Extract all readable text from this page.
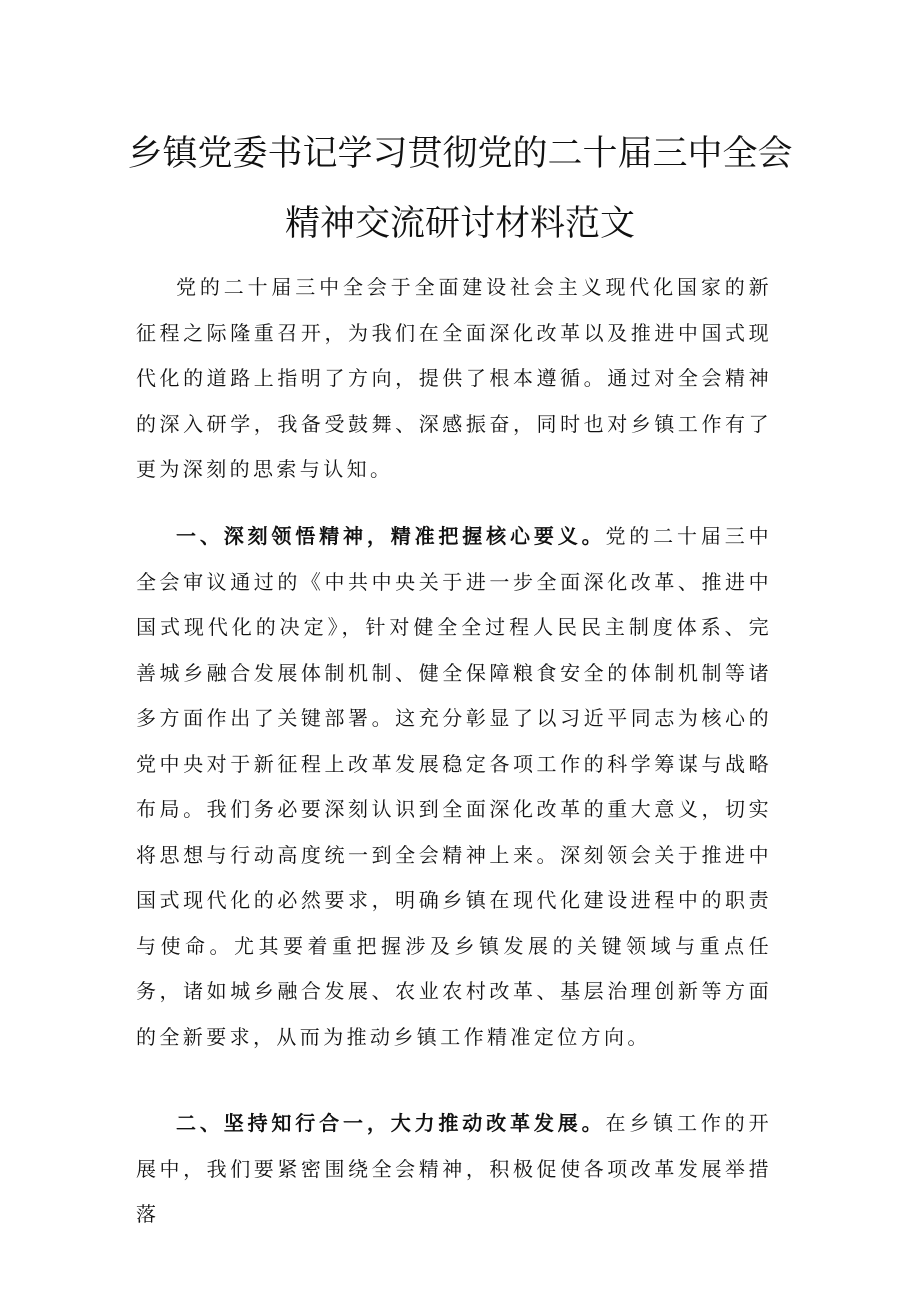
乡镇党委书记学习贯彻党的二十届三中全会
精神交流研讨材料范文

党的二十届三中全会于全面建设社会主义现代化国家的新征程之际隆重召开，为我们在全面深化改革以及推进中国式现代化的道路上指明了方向，提供了根本遵循。通过对全会精神的深入研学，我备受鼓舞、深感振奋，同时也对乡镇工作有了更为深刻的思索与认知。

一、深刻领悟精神，精准把握核心要义。党的二十届三中全会审议通过的《中共中央关于进一步全面深化改革、推进中国式现代化的决定》，针对健全全过程人民民主制度体系、完善城乡融合发展体制机制、健全保障粮食安全的体制机制等诸多方面作出了关键部署。这充分彰显了以习近平同志为核心的党中央对于新征程上改革发展稳定各项工作的科学筹谋与战略布局。我们务必要深刻认识到全面深化改革的重大意义，切实将思想与行动高度统一到全会精神上来。深刻领会关于推进中国式现代化的必然要求，明确乡镇在现代化建设进程中的职责与使命。尤其要着重把握涉及乡镇发展的关键领域与重点任务，诸如城乡融合发展、农业农村改革、基层治理创新等方面的全新要求，从而为推动乡镇工作精准定位方向。

二、坚持知行合一，大力推动改革发展。在乡镇工作的开展中，我们要紧密围绕全会精神，积极促使各项改革发展举措落
